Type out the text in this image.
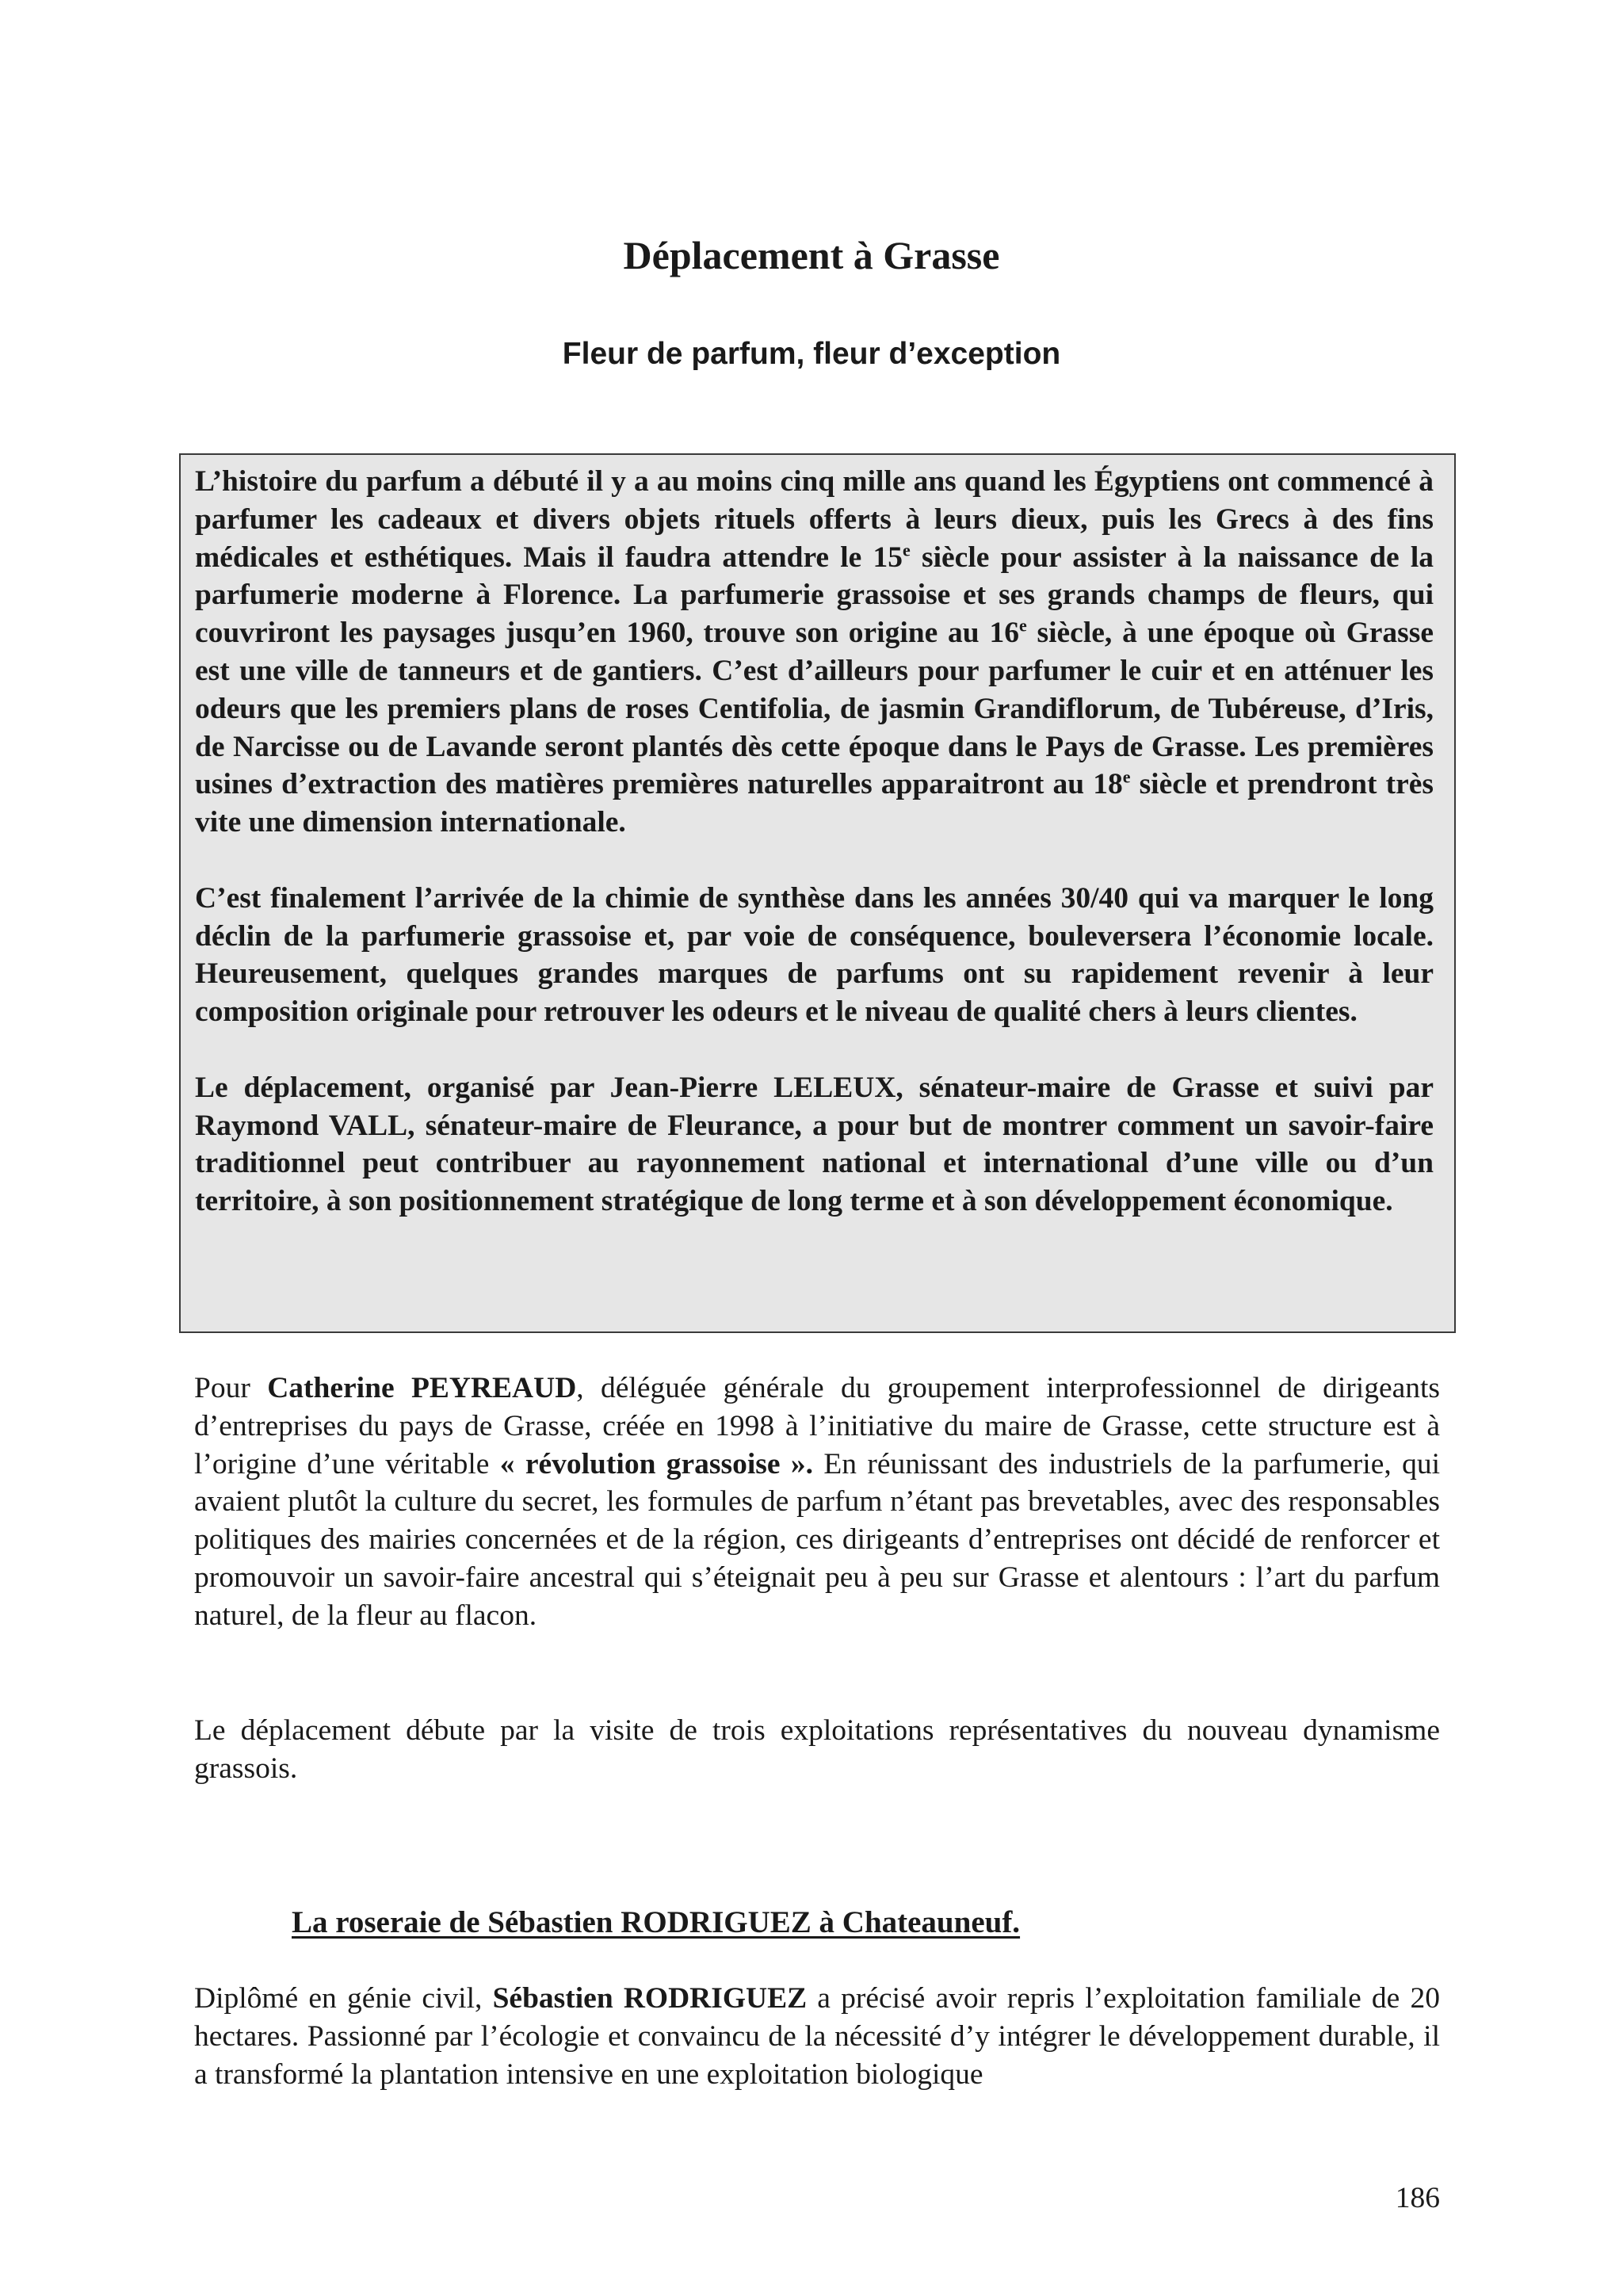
Déplacement à Grasse
Fleur de parfum, fleur d’exception

L’histoire du parfum a débuté il y a au moins cinq mille ans quand les Égyptiens ont commencé à parfumer les cadeaux et divers objets rituels offerts à leurs dieux, puis les Grecs à des fins médicales et esthétiques. Mais il faudra attendre le 15e siècle pour assister à la naissance de la parfumerie moderne à Florence. La parfumerie grassoise et ses grands champs de fleurs, qui couvriront les paysages jusqu’en 1960, trouve son origine au 16e siècle, à une époque où Grasse est une ville de tanneurs et de gantiers. C’est d’ailleurs pour parfumer le cuir et en atténuer les odeurs que les premiers plans de roses Centifolia, de jasmin Grandiflorum, de Tubéreuse, d’Iris, de Narcisse ou de Lavande seront plantés dès cette époque dans le Pays de Grasse. Les premières usines d’extraction des matières premières naturelles apparaitront au 18e siècle et prendront très vite une dimension internationale.

C’est finalement l’arrivée de la chimie de synthèse dans les années 30/40 qui va marquer le long déclin de la parfumerie grassoise et, par voie de conséquence, bouleversera l’économie locale. Heureusement, quelques grandes marques de parfums ont su rapidement revenir à leur composition originale pour retrouver les odeurs et le niveau de qualité chers à leurs clientes.

Le déplacement, organisé par Jean-Pierre LELEUX, sénateur-maire de Grasse et suivi par Raymond VALL, sénateur-maire de Fleurance, a pour but de montrer comment un savoir-faire traditionnel peut contribuer au rayonnement national et international d’une ville ou d’un territoire, à son positionnement stratégique de long terme et à son développement économique.

Pour Catherine PEYREAUD, déléguée générale du groupement interprofessionnel de dirigeants d’entreprises du pays de Grasse, créée en 1998 à l’initiative du maire de Grasse, cette structure est à l’origine d’une véritable « révolution grassoise ». En réunissant des industriels de la parfumerie, qui avaient plutôt la culture du secret, les formules de parfum n’étant pas brevetables, avec des responsables politiques des mairies concernées et de la région, ces dirigeants d’entreprises ont décidé de renforcer et promouvoir un savoir-faire ancestral qui s’éteignait peu à peu sur Grasse et alentours : l’art du parfum naturel, de la fleur au flacon.

Le déplacement débute par la visite de trois exploitations représentatives du nouveau dynamisme grassois.

La roseraie de Sébastien RODRIGUEZ à Chateauneuf.

Diplômé en génie civil, Sébastien RODRIGUEZ a précisé avoir repris l’exploitation familiale de 20 hectares. Passionné par l’écologie et convaincu de la nécessité d’y intégrer le développement durable, il a transformé la plantation intensive en une exploitation biologique

186
